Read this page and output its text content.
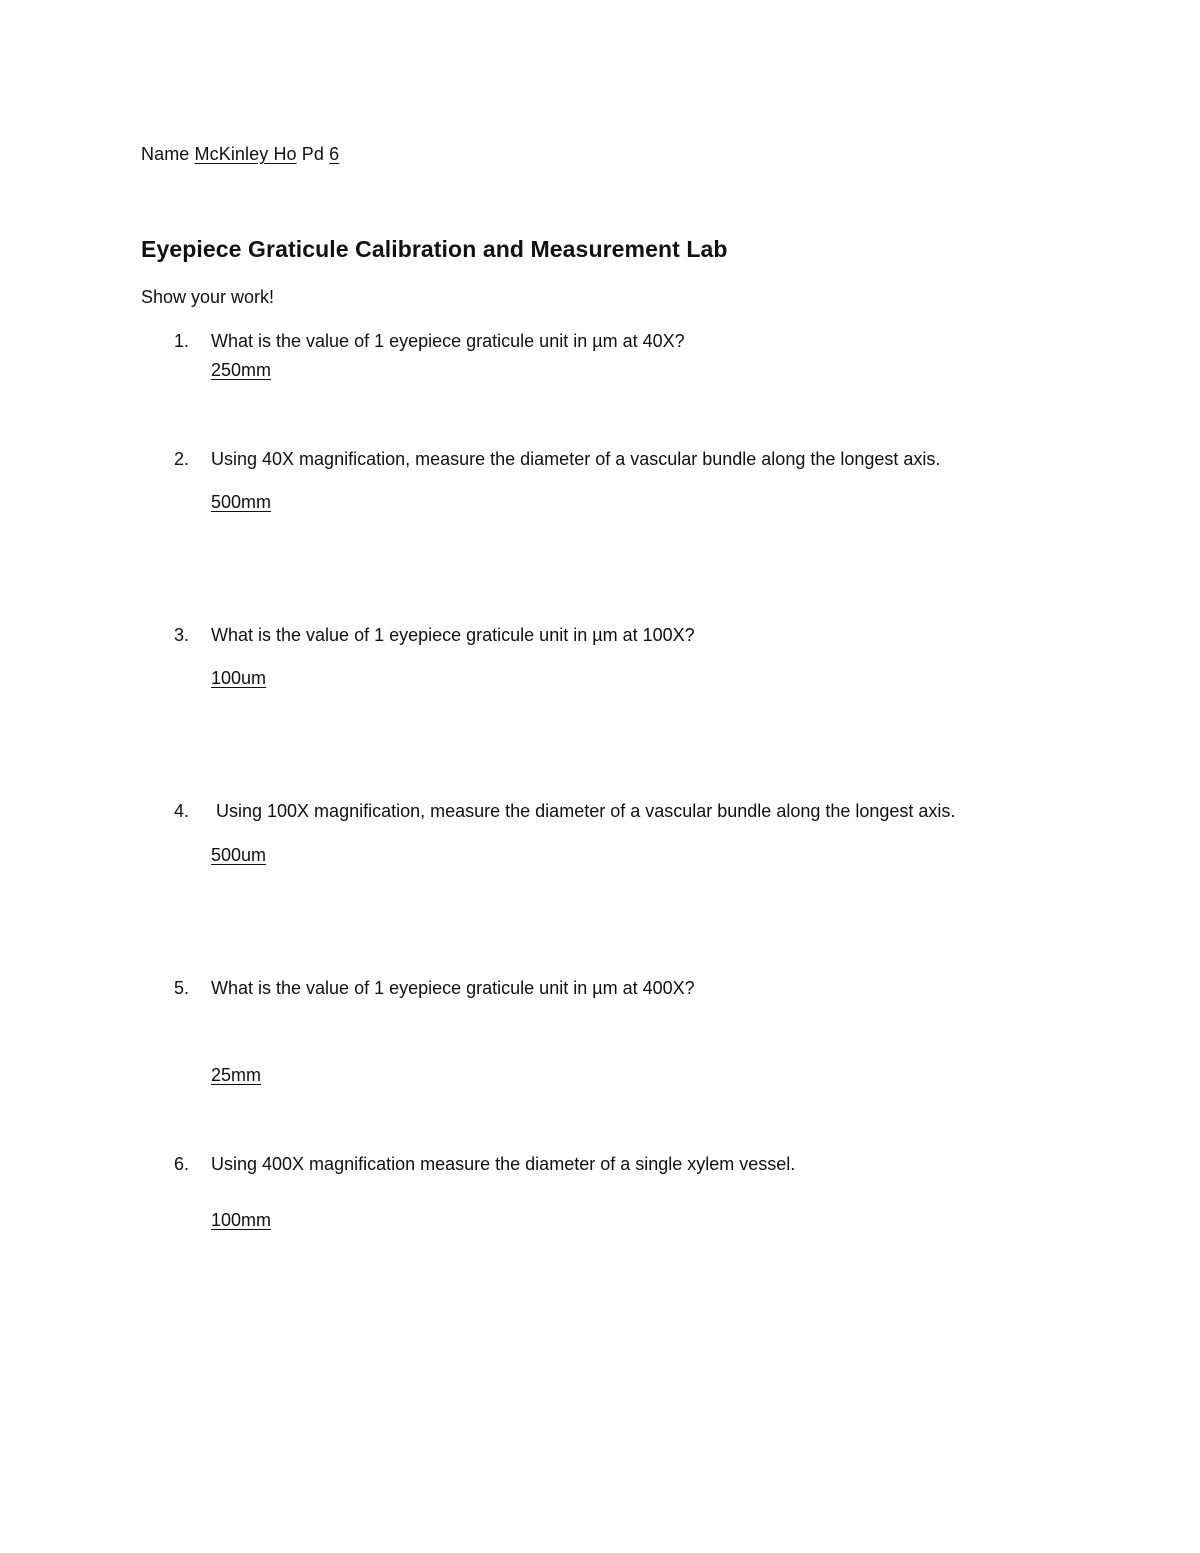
Name McKinley Ho Pd 6
Eyepiece Graticule Calibration and Measurement Lab
Show your work!
1. What is the value of 1 eyepiece graticule unit in µm at 40X?
250mm
2. Using 40X magnification, measure the diameter of a vascular bundle along the longest axis.
500mm
3. What is the value of 1 eyepiece graticule unit in µm at 100X?
100um
4. Using 100X magnification, measure the diameter of a vascular bundle along the longest axis.
500um
5. What is the value of 1 eyepiece graticule unit in µm at 400X?
25mm
6. Using 400X magnification measure the diameter of a single xylem vessel.
100mm
